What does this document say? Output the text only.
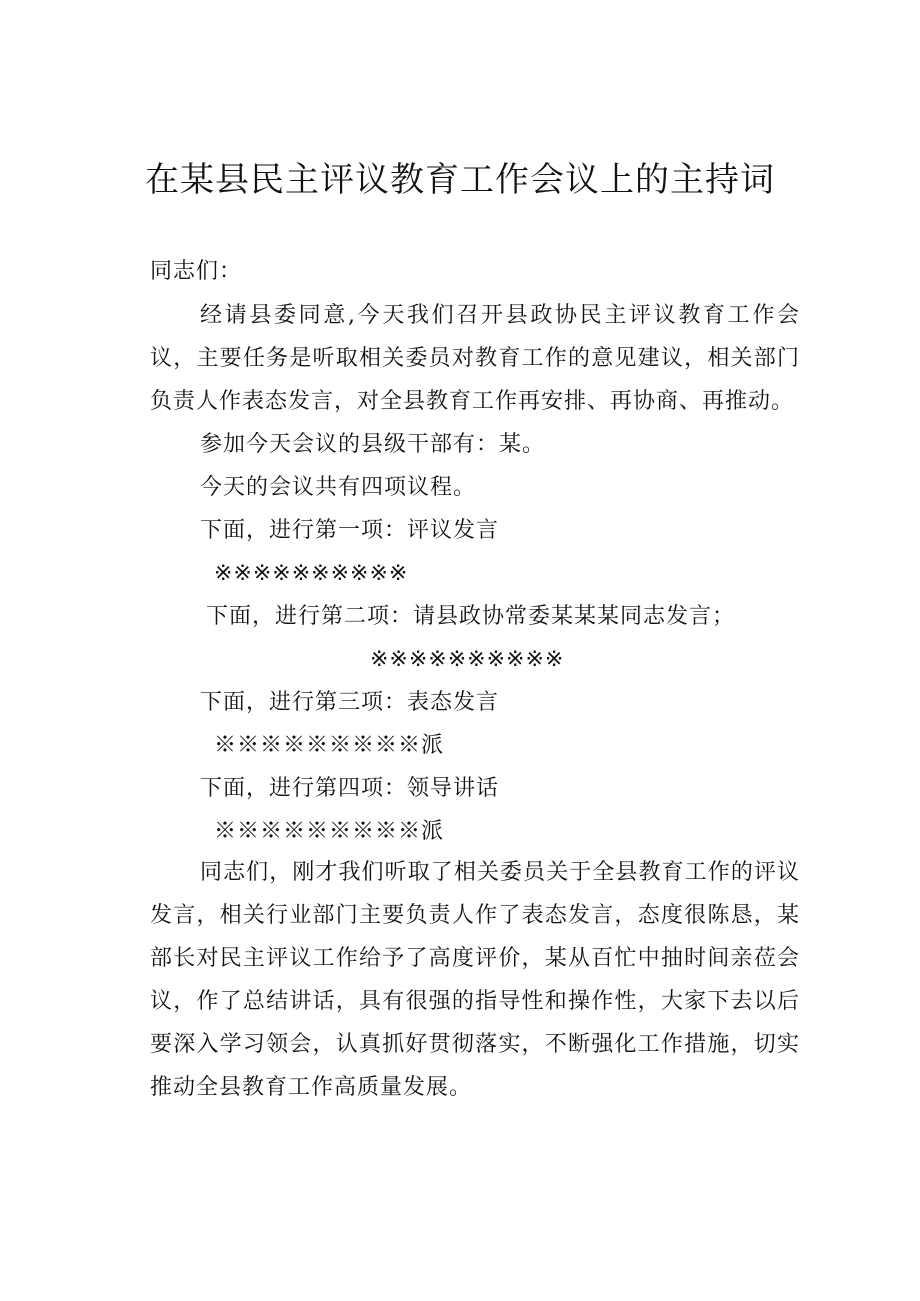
在某县民主评议教育工作会议上的主持词

同志们：

经请县委同意,今天我们召开县政协民主评议教育工作会议，主要任务是听取相关委员对教育工作的意见建议，相关部门负责人作表态发言，对全县教育工作再安排、再协商、再推动。

参加今天会议的县级干部有：某。

今天的会议共有四项议程。

下面，进行第一项：评议发言

※※※※※※※※※※

下面，进行第二项：请县政协常委某某某同志发言；

※※※※※※※※※※

下面，进行第三项：表态发言

※※※※※※※※※派

下面，进行第四项：领导讲话

※※※※※※※※※派

同志们，刚才我们听取了相关委员关于全县教育工作的评议发言，相关行业部门主要负责人作了表态发言，态度很陈恳，某部长对民主评议工作给予了高度评价，某从百忙中抽时间亲莅会议，作了总结讲话，具有很强的指导性和操作性，大家下去以后要深入学习领会，认真抓好贯彻落实，不断强化工作措施，切实推动全县教育工作高质量发展。
